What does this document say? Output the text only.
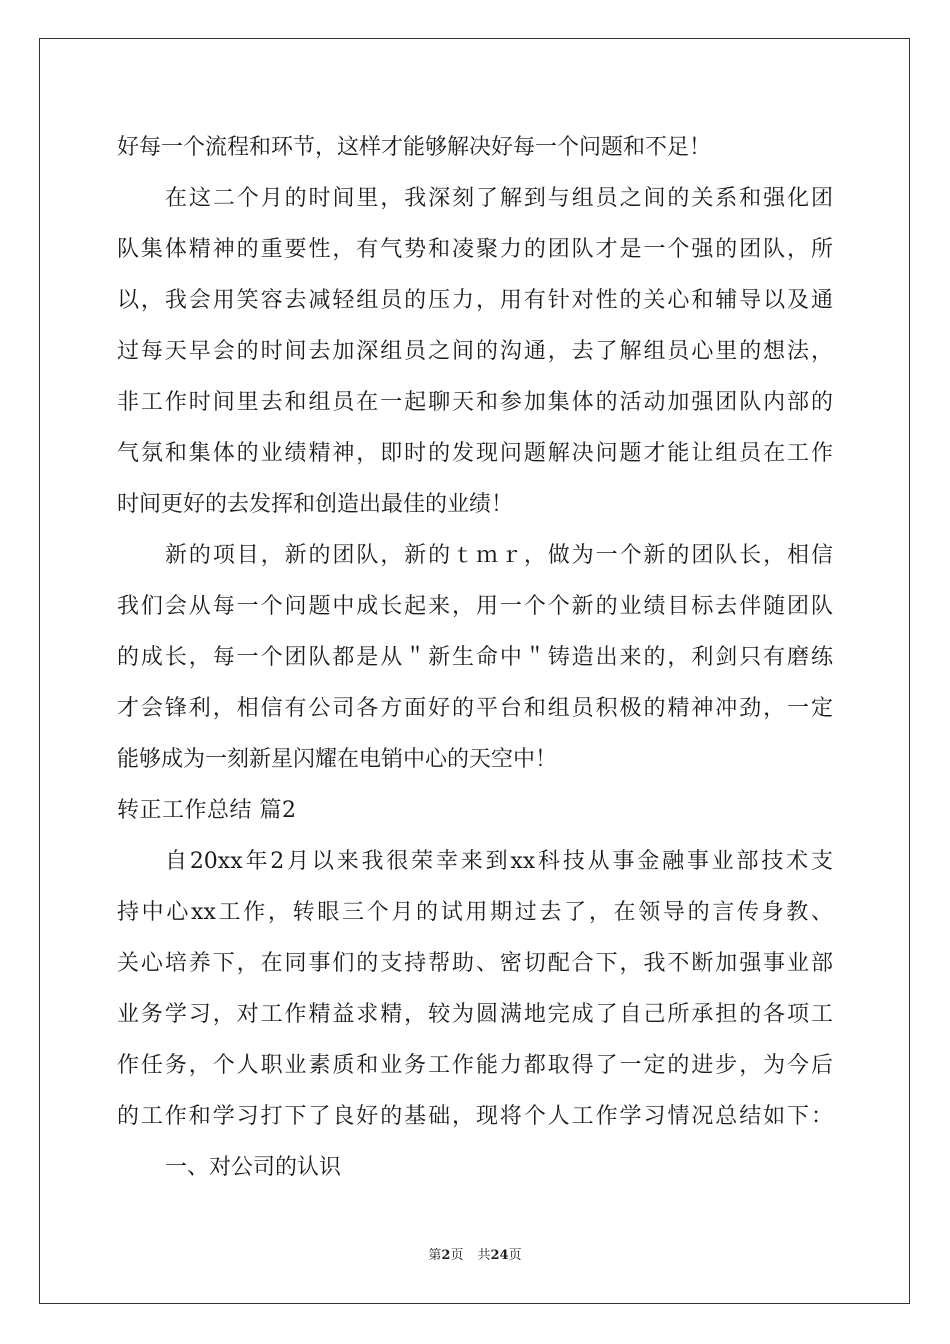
好每一个流程和环节，这样才能够解决好每一个问题和不足！
在这二个月的时间里，我深刻了解到与组员之间的关系和强化团
队集体精神的重要性，有气势和凌聚力的团队才是一个强的团队，所
以，我会用笑容去减轻组员的压力，用有针对性的关心和辅导以及通
过每天早会的时间去加深组员之间的沟通，去了解组员心里的想法，
非工作时间里去和组员在一起聊天和参加集体的活动加强团队内部的
气氛和集体的业绩精神，即时的发现问题解决问题才能让组员在工作
时间更好的去发挥和创造出最佳的业绩！
新的项目，新的团队，新的ｔｍｒ，做为一个新的团队长，相信
我们会从每一个问题中成长起来，用一个个新的业绩目标去伴随团队
的成长，每一个团队都是从＂新生命中＂铸造出来的，利剑只有磨练
才会锋利，相信有公司各方面好的平台和组员积极的精神冲劲，一定
能够成为一刻新星闪耀在电销中心的天空中！
转正工作总结 篇2
自20xx年2月以来我很荣幸来到xx科技从事金融事业部技术支
持中心xx工作，转眼三个月的试用期过去了，在领导的言传身教、
关心培养下，在同事们的支持帮助、密切配合下，我不断加强事业部
业务学习，对工作精益求精，较为圆满地完成了自己所承担的各项工
作任务，个人职业素质和业务工作能力都取得了一定的进步，为今后
的工作和学习打下了良好的基础，现将个人工作学习情况总结如下：
一、对公司的认识
第2页 共24页
